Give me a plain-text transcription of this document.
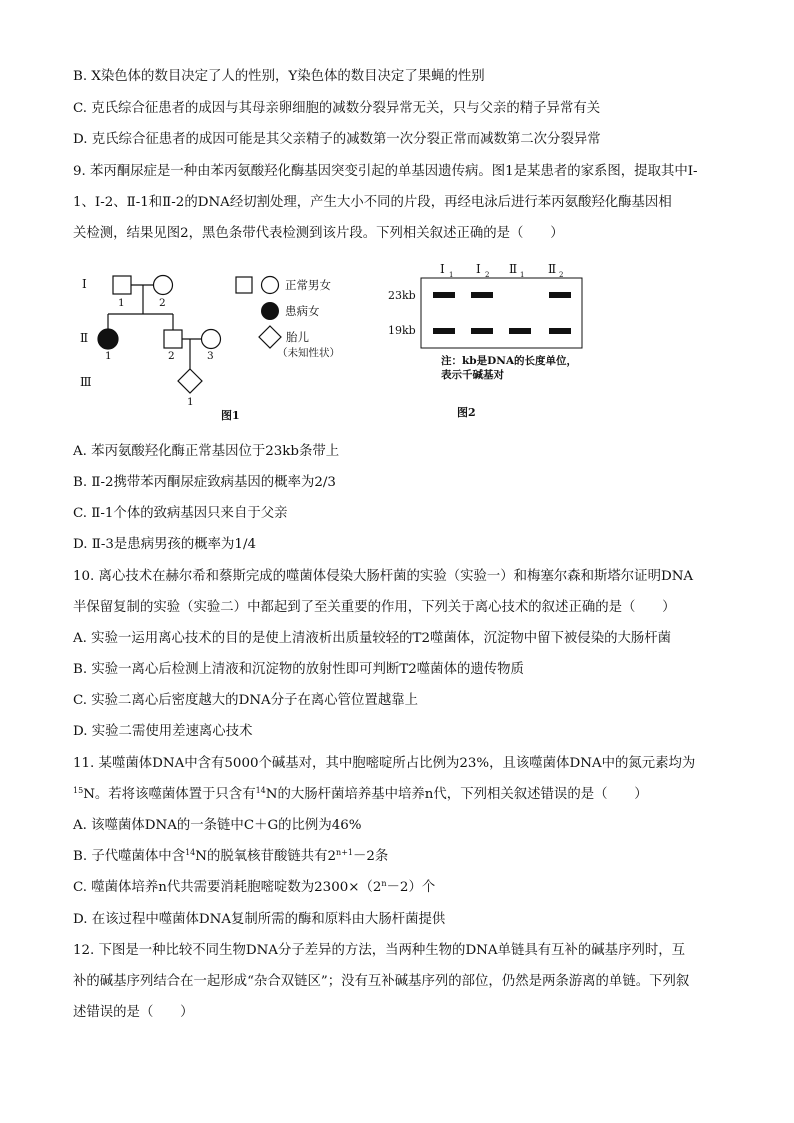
B. X染色体的数目决定了人的性别，Y染色体的数目决定了果蝇的性别
C. 克氏综合征患者的成因与其母亲卵细胞的减数分裂异常无关，只与父亲的精子异常有关
D. 克氏综合征患者的成因可能是其父亲精子的减数第一次分裂正常而减数第二次分裂异常
9. 苯丙酮尿症是一种由苯丙氨酸羟化酶基因突变引起的单基因遗传病。图1是某患者的家系图，提取其中Ⅰ-
1、Ⅰ-2、Ⅱ-1和Ⅱ-2的DNA经切割处理，产生大小不同的片段，再经电泳后进行苯丙氨酸羟化酶基因相
关检测，结果见图2，黑色条带代表检测到该片段。下列相关叙述正确的是（　　）
Ⅰ
Ⅱ
Ⅲ
1	2
1	2	3
1
正常男女
患病女
胎儿
（未知性状）
图1
Ⅰ 1 Ⅰ 2 Ⅱ 1 Ⅱ 2
23kb
19kb
注：kb是DNA的长度单位，
表示千碱基对
图2
A. 苯丙氨酸羟化酶正常基因位于23kb条带上
B. Ⅱ-2携带苯丙酮尿症致病基因的概率为2/3
C. Ⅱ-1个体的致病基因只来自于父亲
D. Ⅱ-3是患病男孩的概率为1/4
10. 离心技术在赫尔希和蔡斯完成的噬菌体侵染大肠杆菌的实验（实验一）和梅塞尔森和斯塔尔证明DNA
半保留复制的实验（实验二）中都起到了至关重要的作用，下列关于离心技术的叙述正确的是（　　）
A. 实验一运用离心技术的目的是使上清液析出质量较轻的T2噬菌体，沉淀物中留下被侵染的大肠杆菌
B. 实验一离心后检测上清液和沉淀物的放射性即可判断T2噬菌体的遗传物质
C. 实验二离心后密度越大的DNA分子在离心管位置越靠上
D. 实验二需使用差速离心技术
11. 某噬菌体DNA中含有5000个碱基对，其中胞嘧啶所占比例为23%，且该噬菌体DNA中的氮元素均为
$^{15}$N。若将该噬菌体置于只含有$^{14}$N的大肠杆菌培养基中培养n代，下列相关叙述错误的是（　　）
A. 该噬菌体DNA的一条链中C＋G的比例为46%
B. 子代噬菌体中含$^{14}$N的脱氧核苷酸链共有$2^{n+1}-2$条
C. 噬菌体培养n代共需要消耗胞嘧啶数为$2300\times(2^n-2)$个
D. 在该过程中噬菌体DNA复制所需的酶和原料由大肠杆菌提供
12. 下图是一种比较不同生物DNA分子差异的方法，当两种生物的DNA单链具有互补的碱基序列时，互
补的碱基序列结合在一起形成“杂合双链区”；没有互补碱基序列的部位，仍然是两条游离的单链。下列叙
述错误的是（　　）
